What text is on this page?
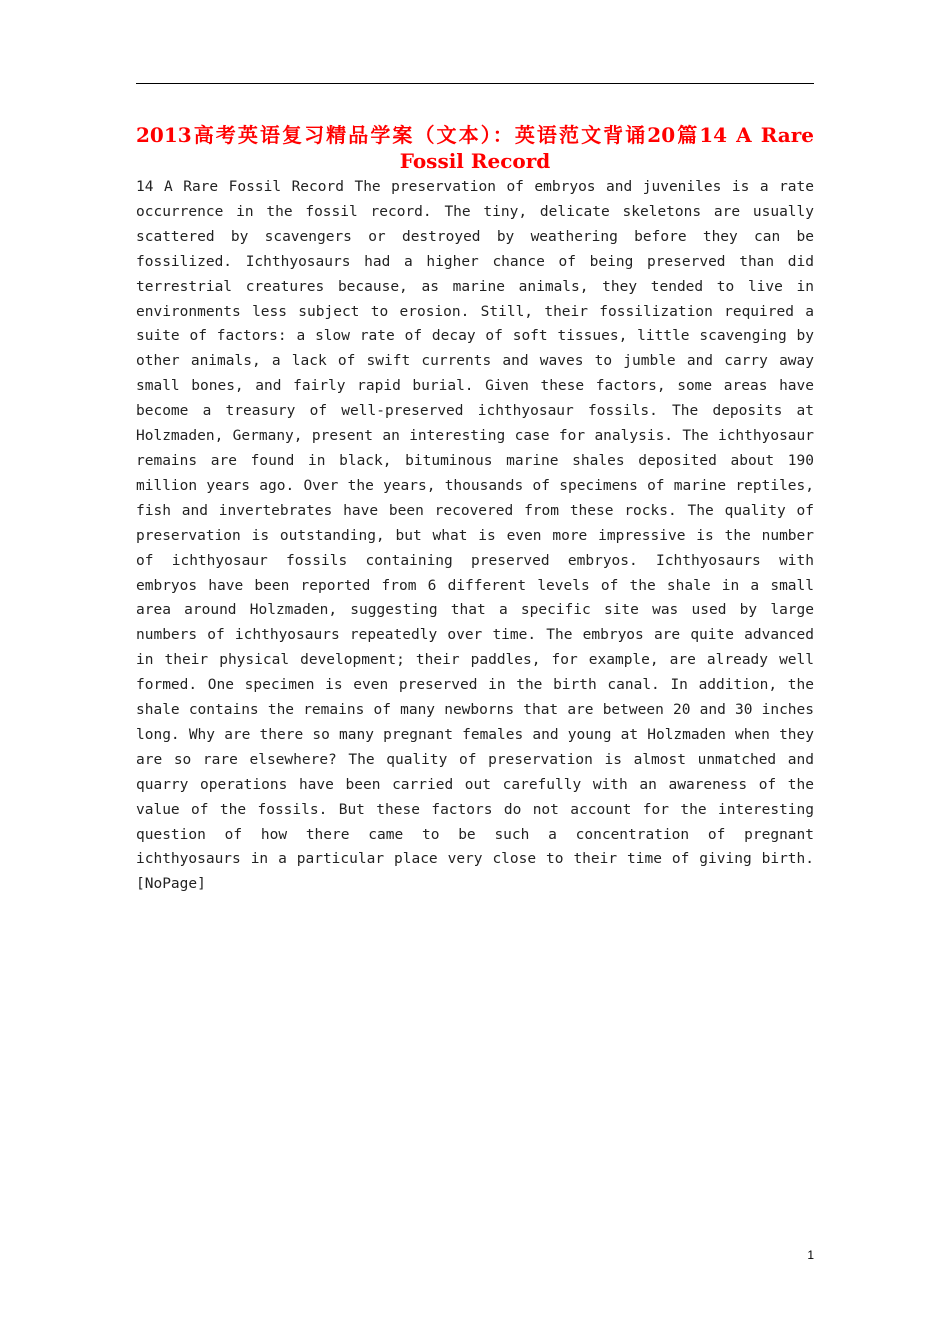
2013高考英语复习精品学案（文本）：英语范文背诵20篇14 A Rare Fossil Record

14 A Rare Fossil Record The preservation of embryos and juveniles is a rate occurrence in the fossil record. The tiny, delicate skeletons are usually scattered by scavengers or destroyed by weathering before they can be fossilized. Ichthyosaurs had a higher chance of being preserved than did terrestrial creatures because, as marine animals, they tended to live in environments less subject to erosion. Still, their fossilization required a suite of factors: a slow rate of decay of soft tissues, little scavenging by other animals, a lack of swift currents and waves to jumble and carry away small bones, and fairly rapid burial. Given these factors, some areas have become a treasury of well-preserved ichthyosaur fossils. The deposits at Holzmaden, Germany, present an interesting case for analysis. The ichthyosaur remains are found in black, bituminous marine shales deposited about 190 million years ago. Over the years, thousands of specimens of marine reptiles, fish and invertebrates have been recovered from these rocks. The quality of preservation is outstanding, but what is even more impressive is the number of ichthyosaur fossils containing preserved embryos. Ichthyosaurs with embryos have been reported from 6 different levels of the shale in a small area around Holzmaden, suggesting that a specific site was used by large numbers of ichthyosaurs repeatedly over time. The embryos are quite advanced in their physical development; their paddles, for example, are already well formed. One specimen is even preserved in the birth canal. In addition, the shale contains the remains of many newborns that are between 20 and 30 inches long. Why are there so many pregnant females and young at Holzmaden when they are so rare elsewhere? The quality of preservation is almost unmatched and quarry operations have been carried out carefully with an awareness of the value of the fossils. But these factors do not account for the interesting question of how there came to be such a concentration of pregnant ichthyosaurs in a particular place very close to their time of giving birth. [NoPage]

1
